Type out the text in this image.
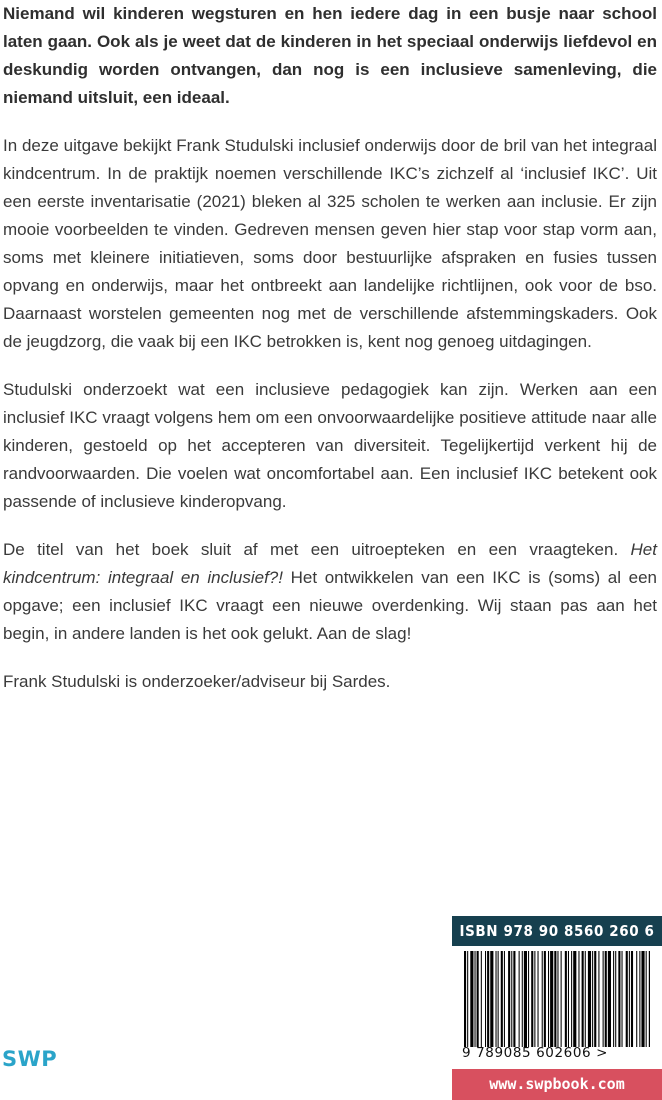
Niemand wil kinderen wegsturen en hen iedere dag in een busje naar school laten gaan. Ook als je weet dat de kinderen in het speciaal onderwijs liefdevol en deskundig worden ontvangen, dan nog is een inclusieve samenleving, die niemand uitsluit, een ideaal.

In deze uitgave bekijkt Frank Studulski inclusief onderwijs door de bril van het integraal kindcentrum. In de praktijk noemen verschillende IKC’s zichzelf al ‘inclusief IKC’. Uit een eerste inventarisatie (2021) bleken al 325 scholen te werken aan inclusie. Er zijn mooie voorbeelden te vinden. Gedreven mensen geven hier stap voor stap vorm aan, soms met kleinere initiatieven, soms door bestuurlijke afspraken en fusies tussen opvang en onderwijs, maar het ontbreekt aan landelijke richtlijnen, ook voor de bso. Daarnaast worstelen gemeenten nog met de verschillende afstemmingskaders. Ook de jeugdzorg, die vaak bij een IKC betrokken is, kent nog genoeg uitdagingen.

Studulski onderzoekt wat een inclusieve pedagogiek kan zijn. Werken aan een inclusief IKC vraagt volgens hem om een onvoorwaardelijke positieve attitude naar alle kinderen, gestoeld op het accepteren van diversiteit. Tegelijkertijd verkent hij de randvoorwaarden. Die voelen wat oncomfortabel aan. Een inclusief IKC betekent ook passende of inclusieve kinderopvang.

De titel van het boek sluit af met een uitroepteken en een vraagteken. Het kindcentrum: integraal en inclusief?! Het ontwikkelen van een IKC is (soms) al een opgave; een inclusief IKC vraagt een nieuwe overdenking. Wij staan pas aan het begin, in andere landen is het ook gelukt. Aan de slag!

Frank Studulski is onderzoeker/adviseur bij Sardes.

SWP
ISBN 978 90 8560 260 6
9 789085 602606 >
www.swpbook.com
